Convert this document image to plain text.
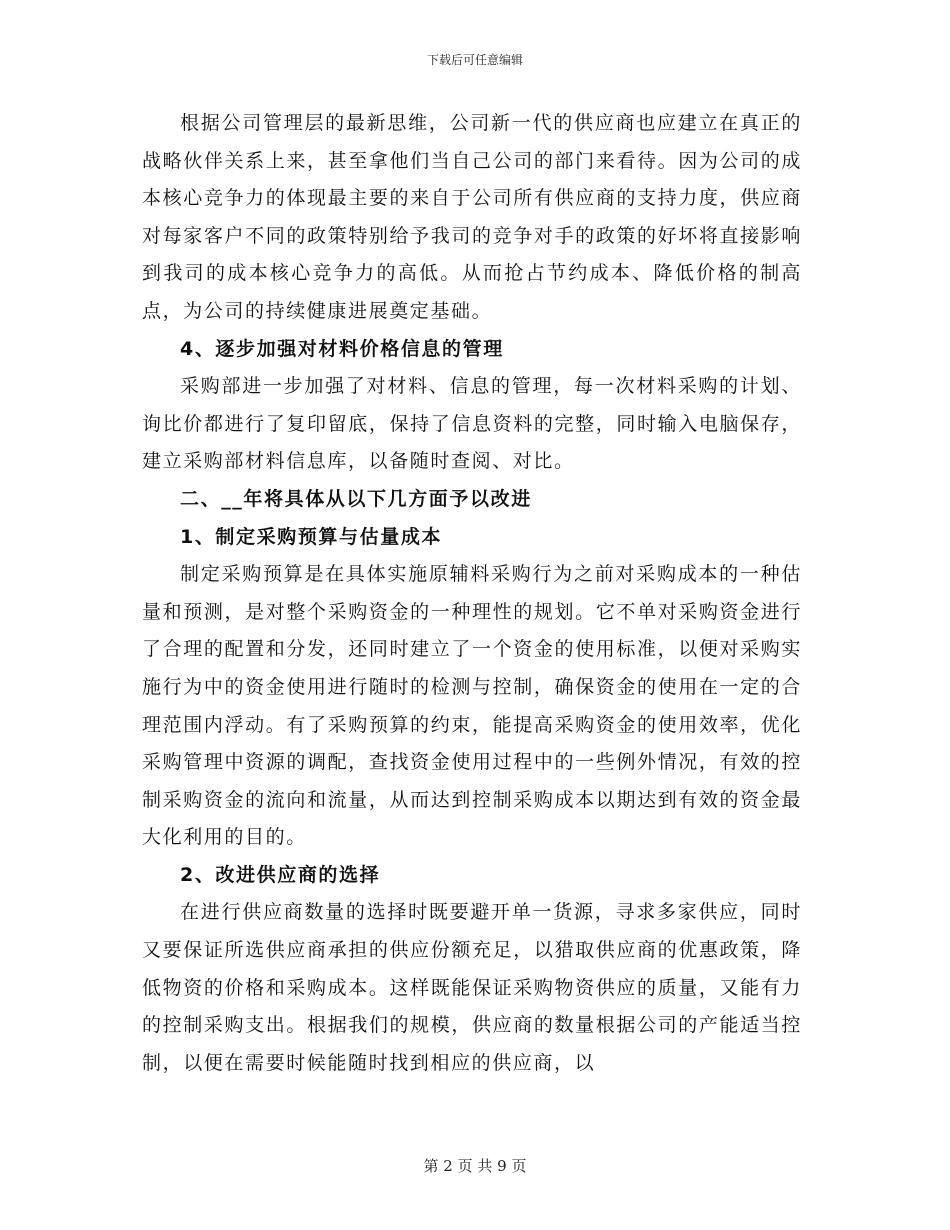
下载后可任意编辑

根据公司管理层的最新思维，公司新一代的供应商也应建立在真正的战略伙伴关系上来，甚至拿他们当自己公司的部门来看待。因为公司的成本核心竞争力的体现最主要的来自于公司所有供应商的支持力度，供应商对每家客户不同的政策特别给予我司的竞争对手的政策的好坏将直接影响到我司的成本核心竞争力的高低。从而抢占节约成本、降低价格的制高点，为公司的持续健康进展奠定基础。

4、逐步加强对材料价格信息的管理

采购部进一步加强了对材料、信息的管理，每一次材料采购的计划、询比价都进行了复印留底，保持了信息资料的完整，同时输入电脑保存，建立采购部材料信息库，以备随时查阅、对比。

二、__年将具体从以下几方面予以改进

1、制定采购预算与估量成本

制定采购预算是在具体实施原辅料采购行为之前对采购成本的一种估量和预测，是对整个采购资金的一种理性的规划。它不单对采购资金进行了合理的配置和分发，还同时建立了一个资金的使用标准，以便对采购实施行为中的资金使用进行随时的检测与控制，确保资金的使用在一定的合理范围内浮动。有了采购预算的约束，能提高采购资金的使用效率，优化采购管理中资源的调配，查找资金使用过程中的一些例外情况，有效的控制采购资金的流向和流量，从而达到控制采购成本以期达到有效的资金最大化利用的目的。

2、改进供应商的选择

在进行供应商数量的选择时既要避开单一货源，寻求多家供应，同时又要保证所选供应商承担的供应份额充足，以猎取供应商的优惠政策，降低物资的价格和采购成本。这样既能保证采购物资供应的质量，又能有力的控制采购支出。根据我们的规模，供应商的数量根据公司的产能适当控制，以便在需要时候能随时找到相应的供应商，以

第 2 页 共 9 页
